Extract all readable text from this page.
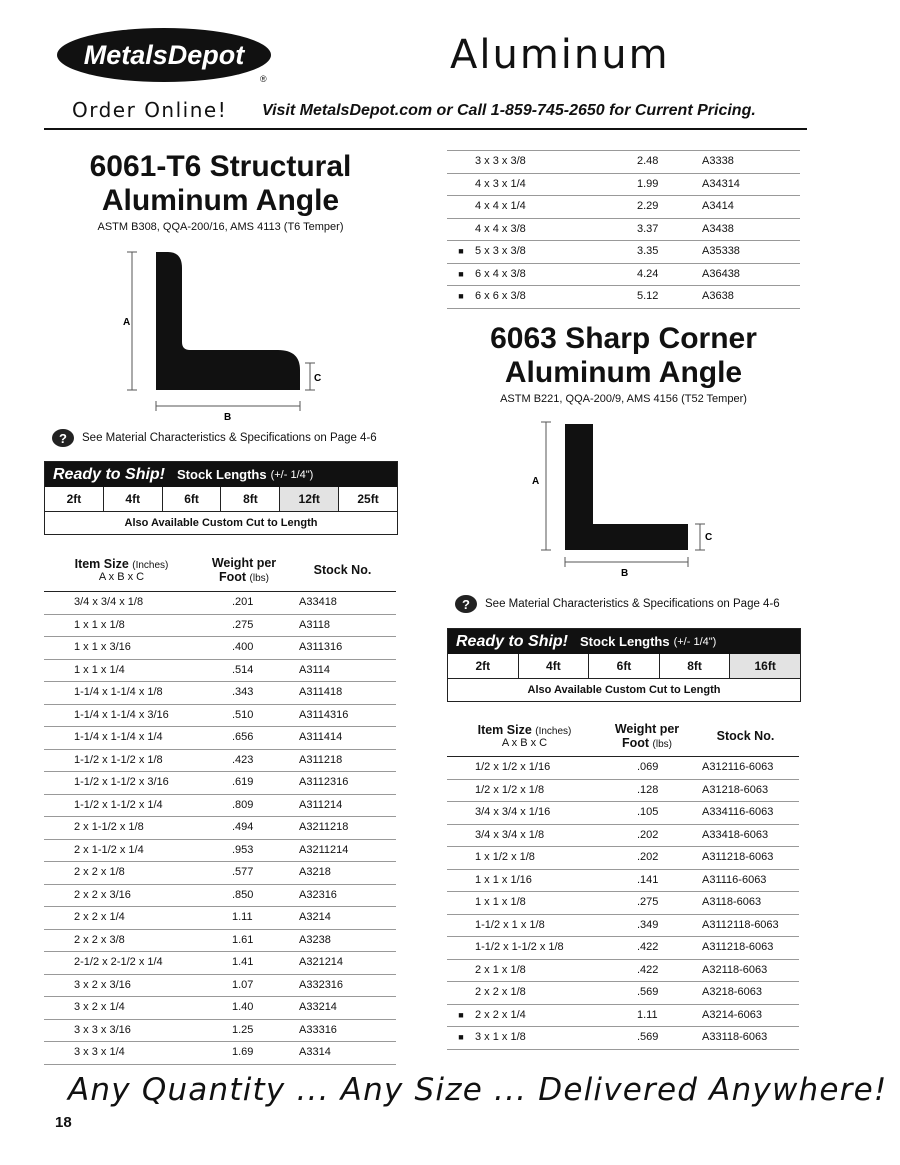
MetalsDepot
®
Aluminum
Order Online! Visit MetalsDepot.com or Call 1-859-745-2650 for Current Pricing.
6061-T6 Structural
Aluminum Angle
ASTM B308, QQA-200/16, AMS 4113 (T6 Temper)
A
C
B
?	See Material Characteristics & Specifications on Page 4-6
Ready to Ship! Stock Lengths (+/- 1/4")
2ft	4ft	6ft	8ft	12ft	25ft
Also Available Custom Cut to Length
Item Size (Inches)
A x B x C
Weight per
Foot (lbs)
Stock No.
3/4 x 3/4 x 1/8	.201	A33418
1 x 1 x 1/8	.275	A3118
1 x 1 x 3/16	.400	A311316
1 x 1 x 1/4	.514	A3114
1-1/4 x 1-1/4 x 1/8	.343	A311418
1-1/4 x 1-1/4 x 3/16	.510	A3114316
1-1/4 x 1-1/4 x 1/4	.656	A311414
1-1/2 x 1-1/2 x 1/8	.423	A311218
1-1/2 x 1-1/2 x 3/16	.619	A3112316
1-1/2 x 1-1/2 x 1/4	.809	A311214
2 x 1-1/2 x 1/8	.494	A3211218
2 x 1-1/2 x 1/4	.953	A3211214
2 x 2 x 1/8	.577	A3218
2 x 2 x 3/16	.850	A32316
2 x 2 x 1/4	1.11	A3214
2 x 2 x 3/8	1.61	A3238
2-1/2 x 2-1/2 x 1/4	1.41	A321214
3 x 2 x 3/16	1.07	A332316
3 x 2 x 1/4	1.40	A33214
3 x 3 x 3/16	1.25	A33316
3 x 3 x 1/4	1.69	A3314
3 x 3 x 3/8	2.48	A3338
4 x 3 x 1/4	1.99	A34314
4 x 4 x 1/4	2.29	A3414
4 x 4 x 3/8	3.37	A3438
■	5 x 3 x 3/8	3.35	A35338
■	6 x 4 x 3/8	4.24	A36438
■	6 x 6 x 3/8	5.12	A3638
6063 Sharp Corner
Aluminum Angle
ASTM B221, QQA-200/9, AMS 4156 (T52 Temper)
A
C
B
?	See Material Characteristics & Specifications on Page 4-6
Ready to Ship! Stock Lengths (+/- 1/4")
2ft	4ft	6ft	8ft	16ft
Also Available Custom Cut to Length
Item Size (Inches)
A x B x C
Weight per
Foot (lbs)
Stock No.
1/2 x 1/2 x 1/16	.069	A312116-6063
1/2 x 1/2 x 1/8	.128	A31218-6063
3/4 x 3/4 x 1/16	.105	A334116-6063
3/4 x 3/4 x 1/8	.202	A33418-6063
1 x 1/2 x 1/8	.202	A311218-6063
1 x 1 x 1/16	.141	A31116-6063
1 x 1 x 1/8	.275	A3118-6063
1-1/2 x 1 x 1/8	.349	A3112118-6063
1-1/2 x 1-1/2 x 1/8	.422	A311218-6063
2 x 1 x 1/8	.422	A32118-6063
2 x 2 x 1/8	.569	A3218-6063
■	2 x 2 x 1/4	1.11	A3214-6063
■	3 x 1 x 1/8	.569	A33118-6063
Any Quantity ... Any Size ... Delivered Anywhere!
18
